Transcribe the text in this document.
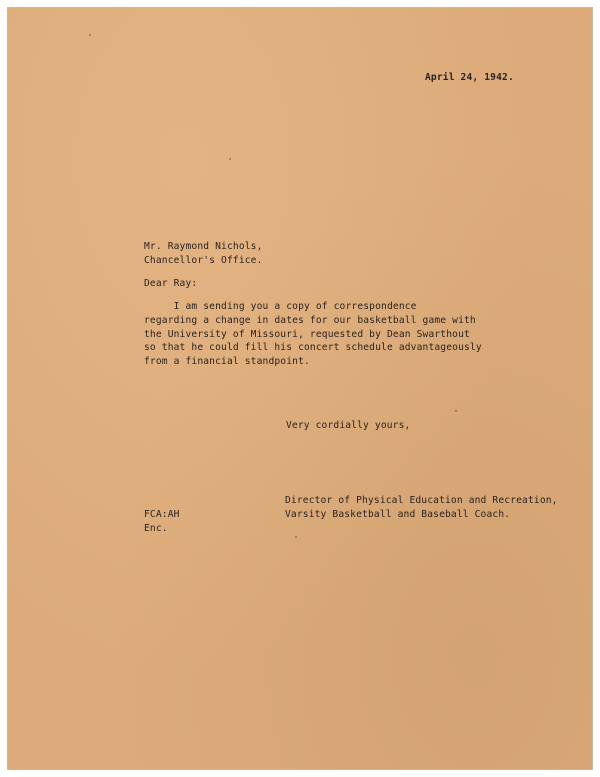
April 24, 1942.
Mr. Raymond Nichols,
Chancellor's Office.
Dear Ray:
I am sending you a copy of correspondence
regarding a change in dates for our basketball game with
the University of Missouri, requested by Dean Swarthout
so that he could fill his concert schedule advantageously
from a financial standpoint.
Very cordially yours,
Director of Physical Education and Recreation,
Varsity Basketball and Baseball Coach.
FCA:AH
Enc.
